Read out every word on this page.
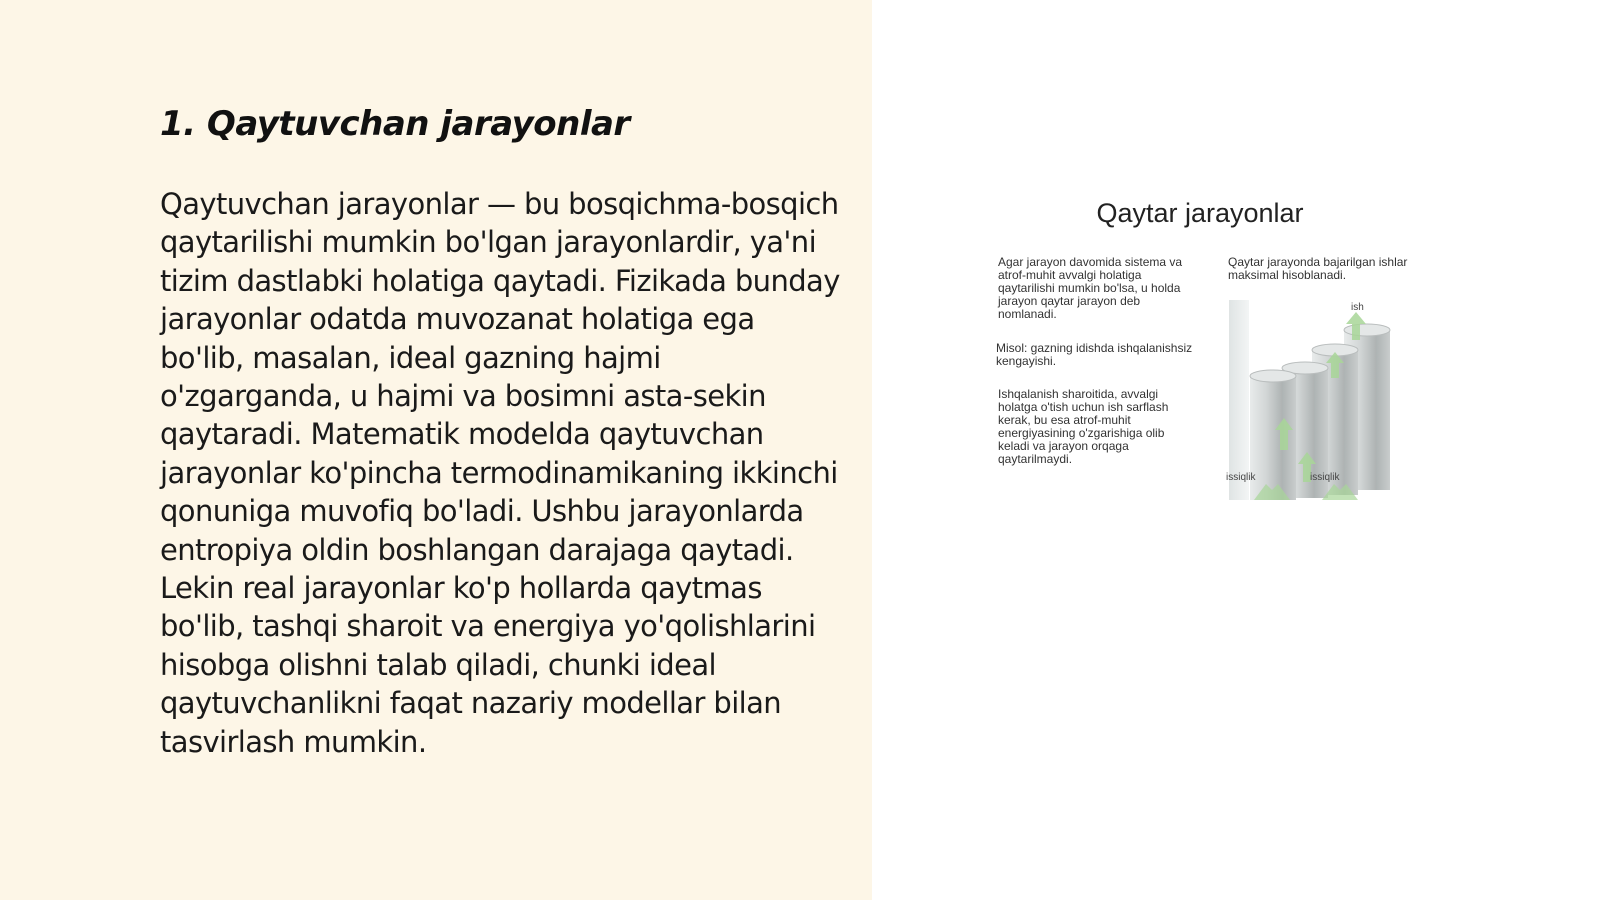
1. Qaytuvchan jarayonlar

Qaytuvchan jarayonlar — bu bosqichma-bosqich qaytarilishi mumkin bo'lgan jarayonlardir, ya'ni tizim dastlabki holatiga qaytadi. Fizikada bunday jarayonlar odatda muvozanat holatiga ega bo'lib, masalan, ideal gazning hajmi o'zgarganda, u hajmi va bosimni asta-sekin qaytaradi. Matematik modelda qaytuvchan jarayonlar ko'pincha termodinamikaning ikkinchi qonuniga muvofiq bo'ladi. Ushbu jarayonlarda entropiya oldin boshlangan darajaga qaytadi. Lekin real jarayonlar ko'p hollarda qaytmas bo'lib, tashqi sharoit va energiya yo'qolishlarini hisobga olishni talab qiladi, chunki ideal qaytuvchanlikni faqat nazariy modellar bilan tasvirlash mumkin.

Qaytar jarayonlar

Agar jarayon davomida sistema va atrof-muhit avvalgi holatiga qaytarilishi mumkin bo'lsa, u holda jarayon qaytar jarayon deb nomlanadi.

Misol: gazning idishda ishqalanishsiz kengayishi.

Ishqalanish sharoitida, avvalgi holatga o'tish uchun ish sarflash kerak, bu esa atrof-muhit energiyasining o'zgarishiga olib keladi va jarayon orqaga qaytarilmaydi.

Qaytar jarayonda bajarilgan ishlar maksimal hisoblanadi.

ish
issiqlik	issiqlik
